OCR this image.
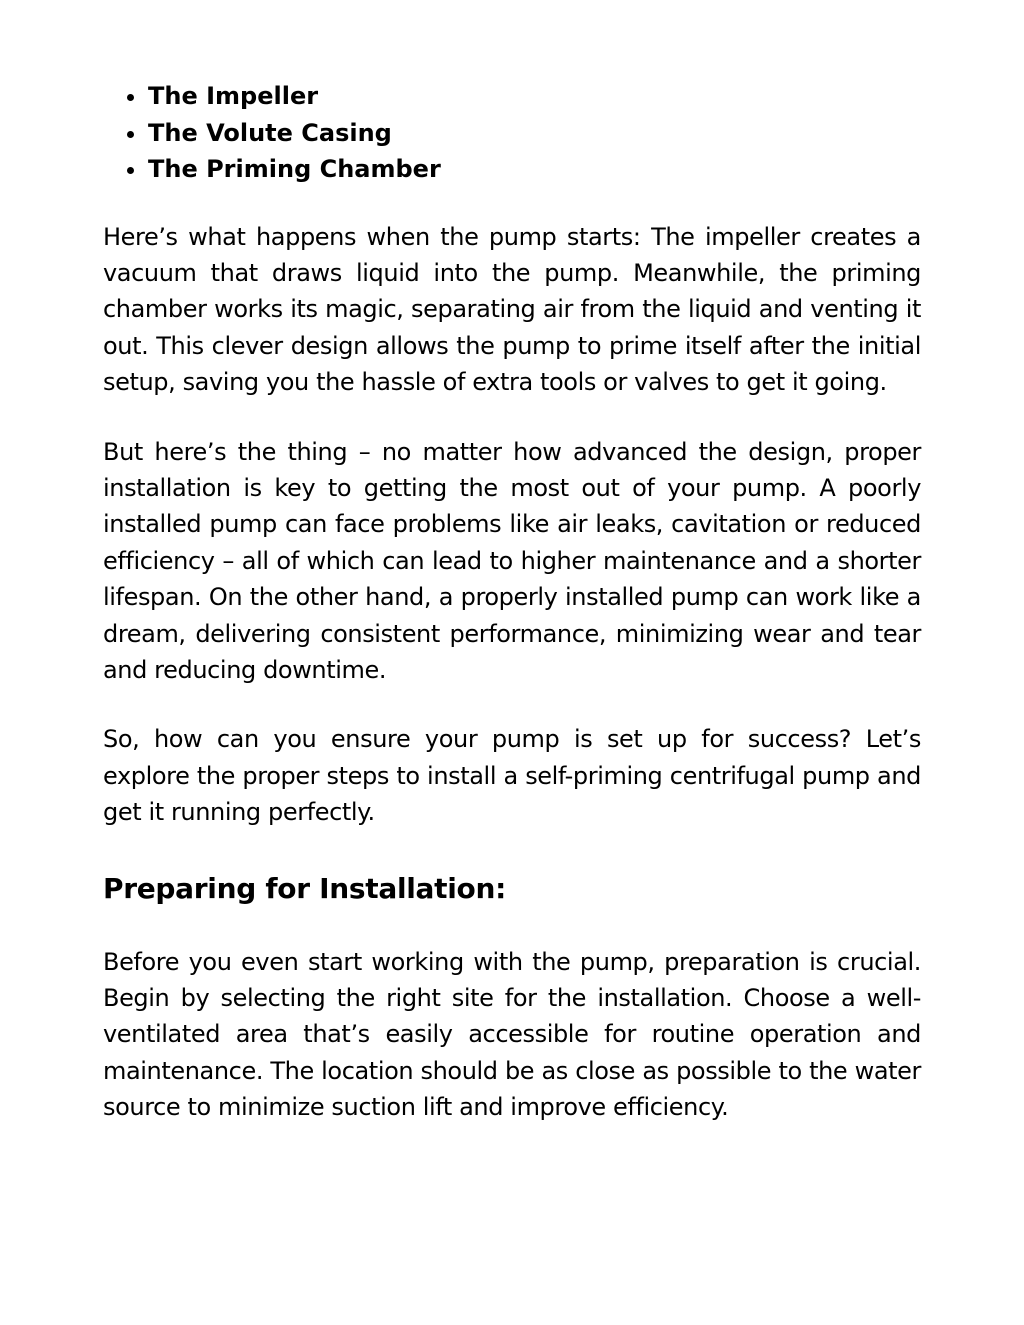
• The Impeller
• The Volute Casing
• The Priming Chamber

Here’s what happens when the pump starts: The impeller creates a vacuum that draws liquid into the pump. Meanwhile, the priming chamber works its magic, separating air from the liquid and venting it out. This clever design allows the pump to prime itself after the initial setup, saving you the hassle of extra tools or valves to get it going.

But here’s the thing – no matter how advanced the design, proper installation is key to getting the most out of your pump. A poorly installed pump can face problems like air leaks, cavitation or reduced efficiency – all of which can lead to higher maintenance and a shorter lifespan. On the other hand, a properly installed pump can work like a dream, delivering consistent performance, minimizing wear and tear and reducing downtime.

So, how can you ensure your pump is set up for success? Let’s explore the proper steps to install a self-priming centrifugal pump and get it running perfectly.

Preparing for Installation:

Before you even start working with the pump, preparation is crucial. Begin by selecting the right site for the installation. Choose a well-ventilated area that’s easily accessible for routine operation and maintenance. The location should be as close as possible to the water source to minimize suction lift and improve efficiency.
